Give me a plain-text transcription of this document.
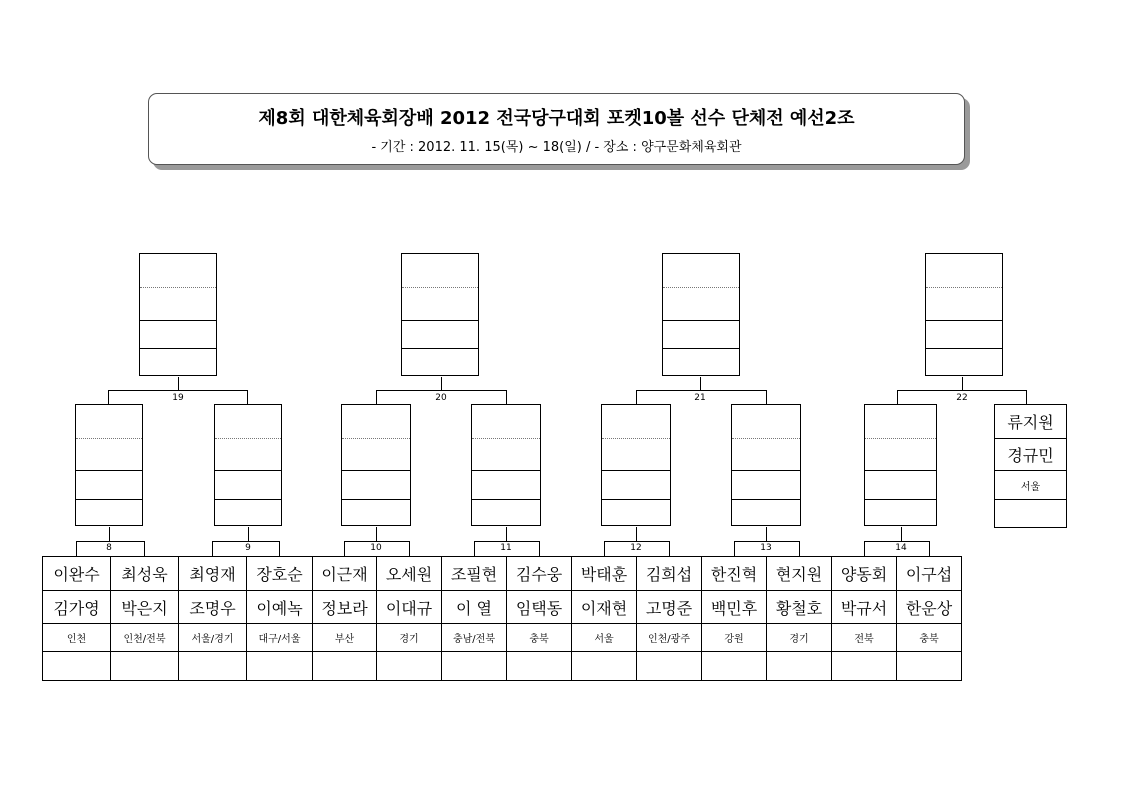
제8회 대한체육회장배 2012 전국당구대회 포켓10볼 선수 단체전 예선2조
- 기간 : 2012. 11. 15(목) ~ 18(일) / - 장소 : 양구문화체육회관
류지원
경규민
서울
19	20	21	22
이완수
김가영
인천
최성욱
박은지
인천/전북
최영재
조명우
서울/경기
장호순
이예녹
대구/서울
이근재
정보라
부산
오세원
이대규
경기
조필현
이 열
충남/전북
김수웅
임택동
충북
박태훈
이재현
서울
김희섭
고명준
인천/광주
한진혁
백민후
강원
현지원
황철호
경기
양동회
박규서
전북
이구섭
한운상
충북
8	9	10	11	12	13	14
